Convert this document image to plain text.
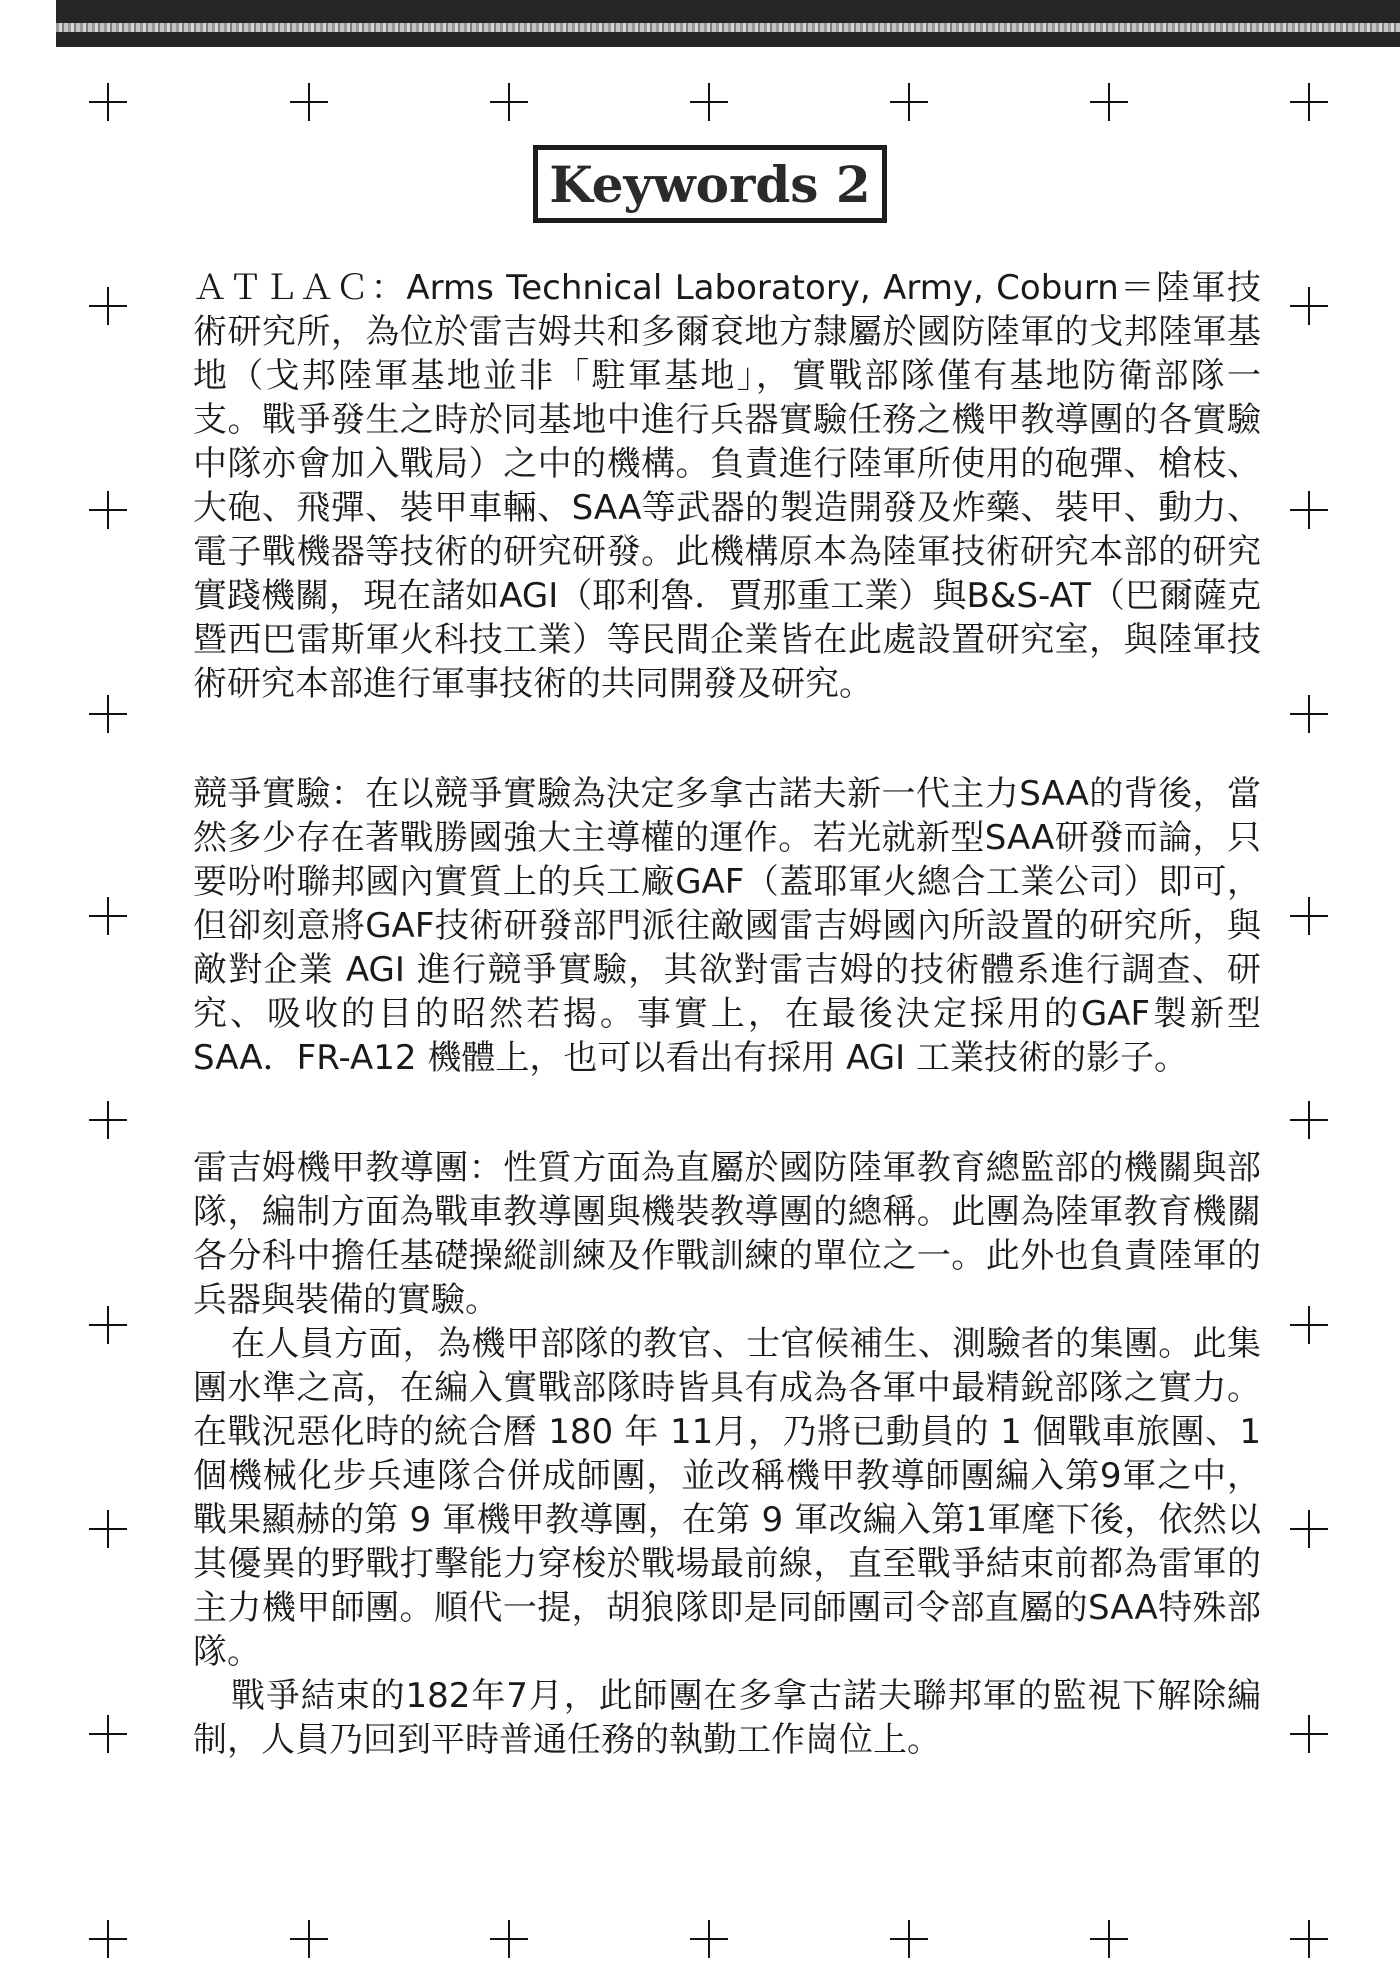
Keywords 2

ＡＴＬＡＣ：Arms Technical Laboratory, Army, Coburn＝陸軍技術研究所，為位於雷吉姆共和多爾袞地方隸屬於國防陸軍的戈邦陸軍基地（戈邦陸軍基地並非「駐軍基地」，實戰部隊僅有基地防衛部隊一支。戰爭發生之時於同基地中進行兵器實驗任務之機甲教導團的各實驗中隊亦會加入戰局）之中的機構。負責進行陸軍所使用的砲彈、槍枝、大砲、飛彈、裝甲車輛、SAA等武器的製造開發及炸藥、裝甲、動力、電子戰機器等技術的研究研發。此機構原本為陸軍技術研究本部的研究實踐機關，現在諸如AGI（耶利魯．賈那重工業）與B&S-AT（巴爾薩克暨西巴雷斯軍火科技工業）等民間企業皆在此處設置研究室，與陸軍技術研究本部進行軍事技術的共同開發及研究。

競爭實驗：在以競爭實驗為決定多拿古諾夫新一代主力SAA的背後，當然多少存在著戰勝國強大主導權的運作。若光就新型SAA研發而論，只要吩咐聯邦國內實質上的兵工廠GAF（蓋耶軍火總合工業公司）即可，但卻刻意將GAF技術研發部門派往敵國雷吉姆國內所設置的研究所，與敵對企業 AGI 進行競爭實驗，其欲對雷吉姆的技術體系進行調查、研究、吸收的目的昭然若揭。事實上，在最後決定採用的GAF製新型SAA．FR-A12 機體上，也可以看出有採用 AGI 工業技術的影子。

雷吉姆機甲教導團：性質方面為直屬於國防陸軍教育總監部的機關與部隊，編制方面為戰車教導團與機裝教導團的總稱。此團為陸軍教育機關各分科中擔任基礎操縱訓練及作戰訓練的單位之一。此外也負責陸軍的兵器與裝備的實驗。

在人員方面，為機甲部隊的教官、士官候補生、測驗者的集團。此集團水準之高，在編入實戰部隊時皆具有成為各軍中最精銳部隊之實力。在戰況惡化時的統合曆 180 年 11月，乃將已動員的 1 個戰車旅團、1個機械化步兵連隊合併成師團，並改稱機甲教導師團編入第9軍之中，戰果顯赫的第 9 軍機甲教導團，在第 9 軍改編入第1軍麾下後，依然以其優異的野戰打擊能力穿梭於戰場最前線，直至戰爭結束前都為雷軍的主力機甲師團。順代一提，胡狼隊即是同師團司令部直屬的SAA特殊部隊。

戰爭結束的182年7月，此師團在多拿古諾夫聯邦軍的監視下解除編制，人員乃回到平時普通任務的執勤工作崗位上。
